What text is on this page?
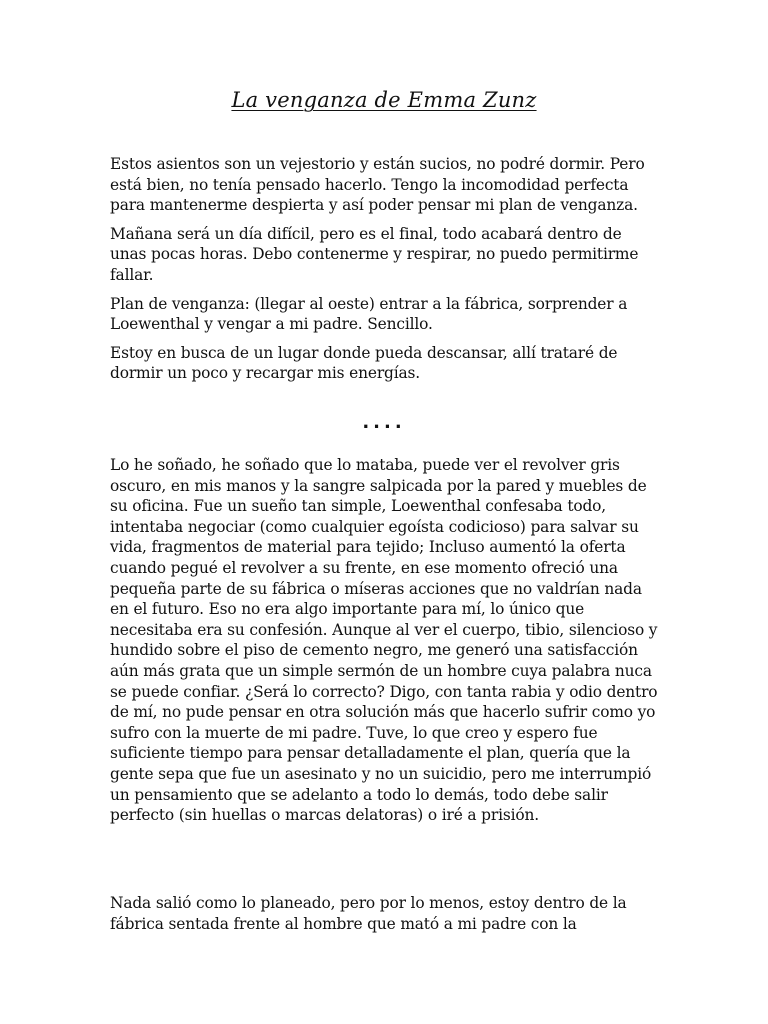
La venganza de Emma Zunz

Estos asientos son un vejestorio y están sucios, no podré dormir. Pero está bien, no tenía pensado hacerlo. Tengo la incomodidad perfecta para mantenerme despierta y así poder pensar mi plan de venganza.

Mañana será un día difícil, pero es el final, todo acabará dentro de unas pocas horas. Debo contenerme y respirar, no puedo permitirme fallar.

Plan de venganza: (llegar al oeste) entrar a la fábrica, sorprender a Loewenthal y vengar a mi padre. Sencillo.

Estoy en busca de un lugar donde pueda descansar, allí trataré de dormir un poco y recargar mis energías.

....

Lo he soñado, he soñado que lo mataba, puede ver el revolver gris oscuro, en mis manos y la sangre salpicada por la pared y muebles de su oficina. Fue un sueño tan simple, Loewenthal confesaba todo, intentaba negociar (como cualquier egoísta codicioso) para salvar su vida, fragmentos de material para tejido; Incluso aumentó la oferta cuando pegué el revolver a su frente, en ese momento ofreció una pequeña parte de su fábrica o míseras acciones que no valdrían nada en el futuro. Eso no era algo importante para mí, lo único que necesitaba era su confesión. Aunque al ver el cuerpo, tibio, silencioso y hundido sobre el piso de cemento negro, me generó una satisfacción aún más grata que un simple sermón de un hombre cuya palabra nuca se puede confiar. ¿Será lo correcto? Digo, con tanta rabia y odio dentro de mí, no pude pensar en otra solución más que hacerlo sufrir como yo sufro con la muerte de mi padre. Tuve, lo que creo y espero fue suficiente tiempo para pensar detalladamente el plan, quería que la gente sepa que fue un asesinato y no un suicidio, pero me interrumpió un pensamiento que se adelanto a todo lo demás, todo debe salir perfecto (sin huellas o marcas delatoras) o iré a prisión.

Nada salió como lo planeado, pero por lo menos, estoy dentro de la fábrica sentada frente al hombre que mató a mi padre con la
